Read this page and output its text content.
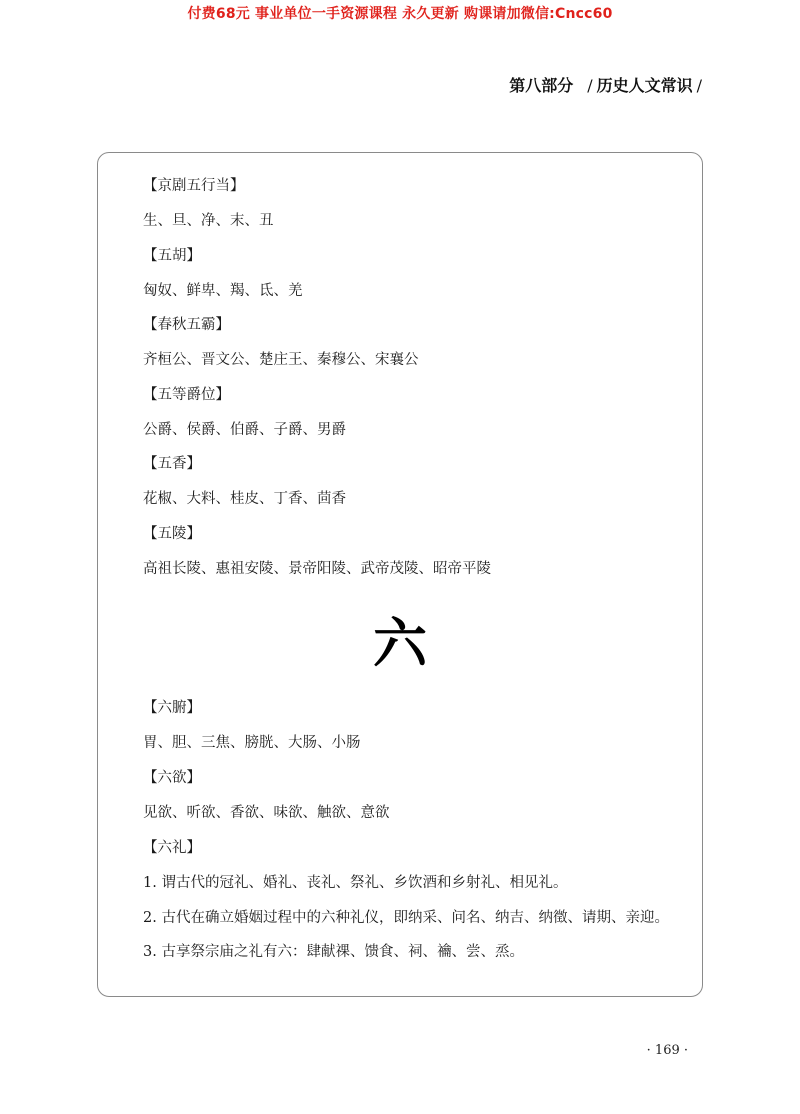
付费68元 事业单位一手资源课程 永久更新 购课请加微信:Cncc60
第八部分 / 历史人文常识 /
【京剧五行当】
生、旦、净、末、丑
【五胡】
匈奴、鲜卑、羯、氐、羌
【春秋五霸】
齐桓公、晋文公、楚庄王、秦穆公、宋襄公
【五等爵位】
公爵、侯爵、伯爵、子爵、男爵
【五香】
花椒、大料、桂皮、丁香、茴香
【五陵】
高祖长陵、惠祖安陵、景帝阳陵、武帝茂陵、昭帝平陵
六
【六腑】
胃、胆、三焦、膀胱、大肠、小肠
【六欲】
见欲、听欲、香欲、味欲、触欲、意欲
【六礼】
1. 谓古代的冠礼、婚礼、丧礼、祭礼、乡饮酒和乡射礼、相见礼。
2. 古代在确立婚姻过程中的六种礼仪，即纳采、问名、纳吉、纳徵、请期、亲迎。
3. 古享祭宗庙之礼有六：肆献祼、馈食、祠、禴、尝、烝。
· 169 ·
